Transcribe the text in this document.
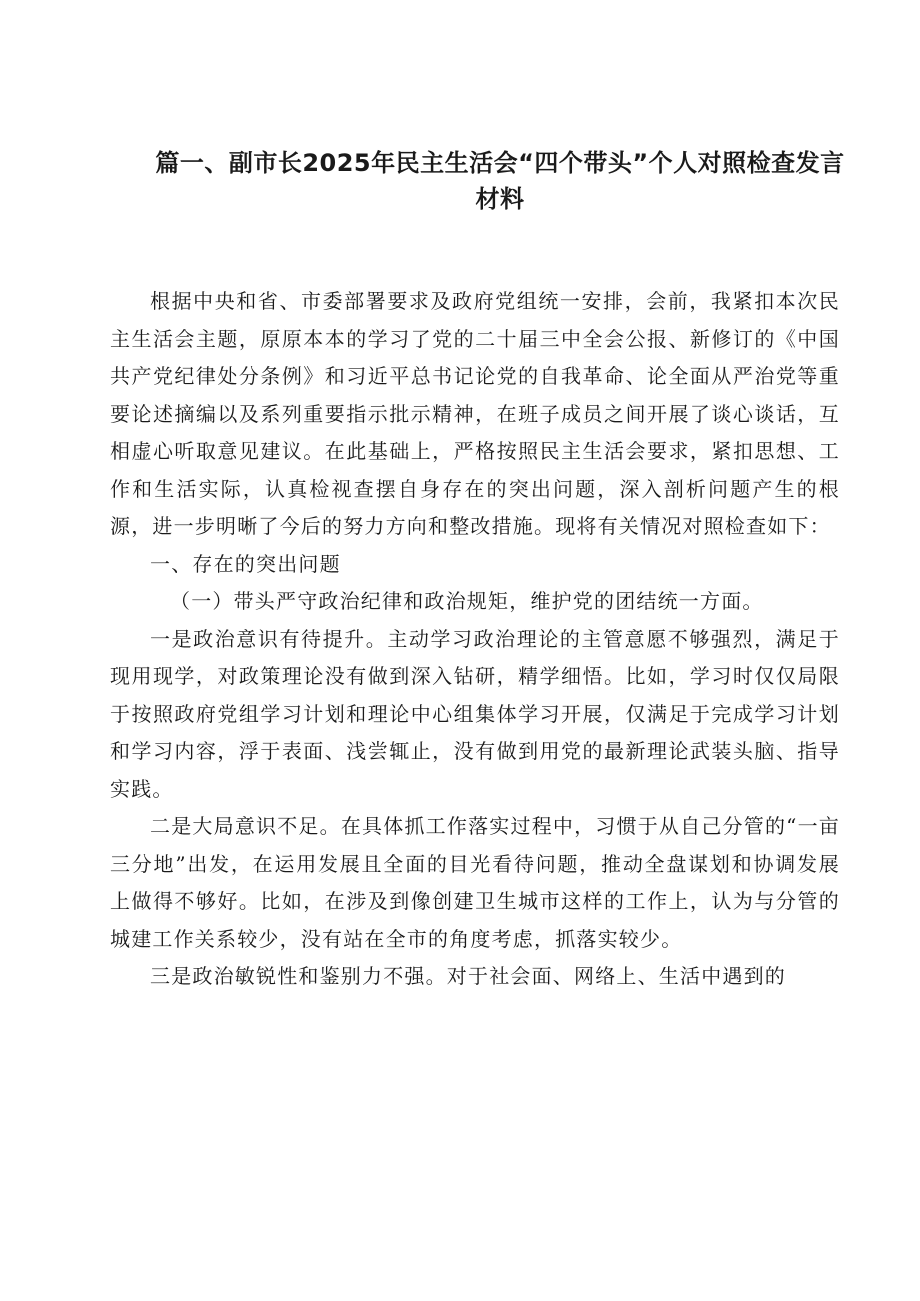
篇一、副市长2025年民主生活会“四个带头”个人对照检查发言材料

根据中央和省、市委部署要求及政府党组统一安排，会前，我紧扣本次民主生活会主题，原原本本的学习了党的二十届三中全会公报、新修订的《中国共产党纪律处分条例》和习近平总书记论党的自我革命、论全面从严治党等重要论述摘编以及系列重要指示批示精神，在班子成员之间开展了谈心谈话，互相虚心听取意见建议。在此基础上，严格按照民主生活会要求，紧扣思想、工作和生活实际，认真检视查摆自身存在的突出问题，深入剖析问题产生的根源，进一步明晰了今后的努力方向和整改措施。现将有关情况对照检查如下：

一、存在的突出问题

（一）带头严守政治纪律和政治规矩，维护党的团结统一方面。

一是政治意识有待提升。主动学习政治理论的主管意愿不够强烈，满足于现用现学，对政策理论没有做到深入钻研，精学细悟。比如，学习时仅仅局限于按照政府党组学习计划和理论中心组集体学习开展，仅满足于完成学习计划和学习内容，浮于表面、浅尝辄止，没有做到用党的最新理论武装头脑、指导实践。

二是大局意识不足。在具体抓工作落实过程中，习惯于从自己分管的“一亩三分地”出发，在运用发展且全面的目光看待问题，推动全盘谋划和协调发展上做得不够好。比如，在涉及到像创建卫生城市这样的工作上，认为与分管的城建工作关系较少，没有站在全市的角度考虑，抓落实较少。

三是政治敏锐性和鉴别力不强。对于社会面、网络上、生活中遇到的
